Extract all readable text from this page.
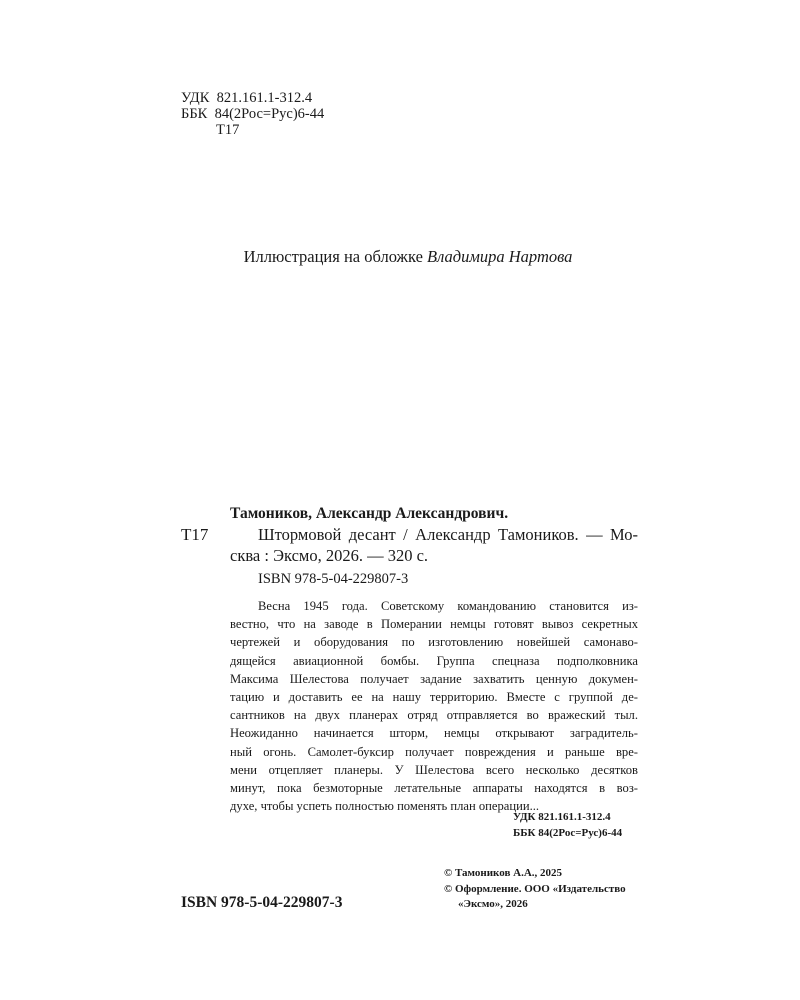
УДК 821.161.1-312.4
ББК 84(2Рос=Рус)6-44
Т17
Иллюстрация на обложке Владимира Нартова
Тамоников, Александр Александрович.
Т17	Штормовой десант / Александр Тамоников. — Мо-
сква : Эксмо, 2026. — 320 с.
ISBN 978-5-04-229807-3
Весна 1945 года. Советскому командованию становится из-
вестно, что на заводе в Померании немцы готовят вывоз секретных
чертежей и оборудования по изготовлению новейшей самонаво-
дящейся авиационной бомбы. Группа спецназа подполковника
Максима Шелестова получает задание захватить ценную докумен-
тацию и доставить ее на нашу территорию. Вместе с группой де-
сантников на двух планерах отряд отправляется во вражеский тыл.
Неожиданно начинается шторм, немцы открывают заградитель-
ный огонь. Самолет-буксир получает повреждения и раньше вре-
мени отцепляет планеры. У Шелестова всего несколько десятков
минут, пока безмоторные летательные аппараты находятся в воз-
духе, чтобы успеть полностью поменять план операции...
УДК 821.161.1-312.4
ББК 84(2Рос=Рус)6-44
ISBN 978-5-04-229807-3
© Тамоников А.А., 2025
© Оформление. ООО «Издательство
«Эксмо», 2026
